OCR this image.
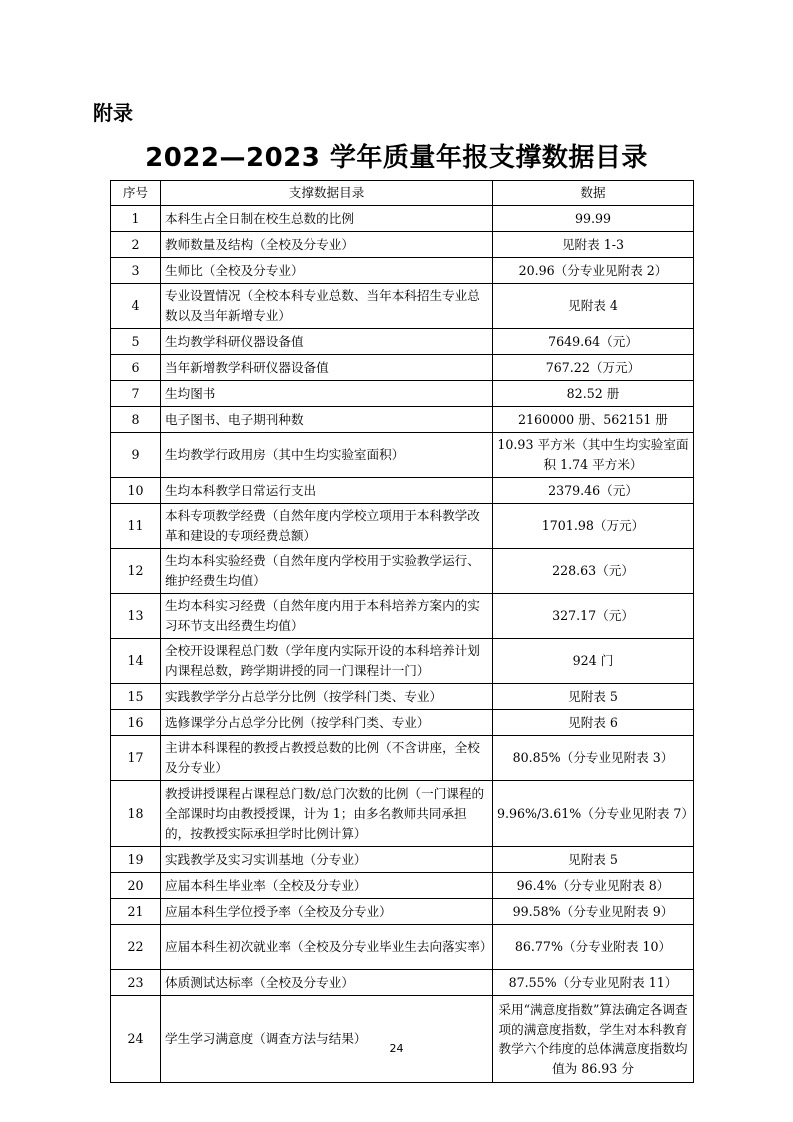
附录
2022—2023 学年质量年报支撑数据目录
序号	支撑数据目录	数据
1	本科生占全日制在校生总数的比例	99.99
2	教师数量及结构（全校及分专业）	见附表 1-3
3	生师比（全校及分专业）	20.96（分专业见附表 2）
4	专业设置情况（全校本科专业总数、当年本科招生专业总数以及当年新增专业）	见附表 4
5	生均教学科研仪器设备值	7649.64（元）
6	当年新增教学科研仪器设备值	767.22（万元）
7	生均图书	82.52 册
8	电子图书、电子期刊种数	2160000 册、562151 册
9	生均教学行政用房（其中生均实验室面积）	10.93 平方米（其中生均实验室面积 1.74 平方米）
10	生均本科教学日常运行支出	2379.46（元）
11	本科专项教学经费（自然年度内学校立项用于本科教学改革和建设的专项经费总额）	1701.98（万元）
12	生均本科实验经费（自然年度内学校用于实验教学运行、维护经费生均值）	228.63（元）
13	生均本科实习经费（自然年度内用于本科培养方案内的实习环节支出经费生均值）	327.17（元）
14	全校开设课程总门数（学年度内实际开设的本科培养计划内课程总数，跨学期讲授的同一门课程计一门）	924 门
15	实践教学学分占总学分比例（按学科门类、专业）	见附表 5
16	选修课学分占总学分比例（按学科门类、专业）	见附表 6
17	主讲本科课程的教授占教授总数的比例（不含讲座，全校及分专业）	80.85%（分专业见附表 3）
18	教授讲授课程占课程总门数/总门次数的比例（一门课程的全部课时均由教授授课，计为 1；由多名教师共同承担的，按教授实际承担学时比例计算）	9.96%/3.61%（分专业见附表 7）
19	实践教学及实习实训基地（分专业）	见附表 5
20	应届本科生毕业率（全校及分专业）	96.4%（分专业见附表 8）
21	应届本科生学位授予率（全校及分专业）	99.58%（分专业见附表 9）
22	应届本科生初次就业率（全校及分专业毕业生去向落实率）	86.77%（分专业附表 10）
23	体质测试达标率（全校及分专业）	87.55%（分专业见附表 11）
24	学生学习满意度（调查方法与结果）	采用“满意度指数”算法确定各调查项的满意度指数，学生对本科教育教学六个纬度的总体满意度指数均值为 86.93 分
24
